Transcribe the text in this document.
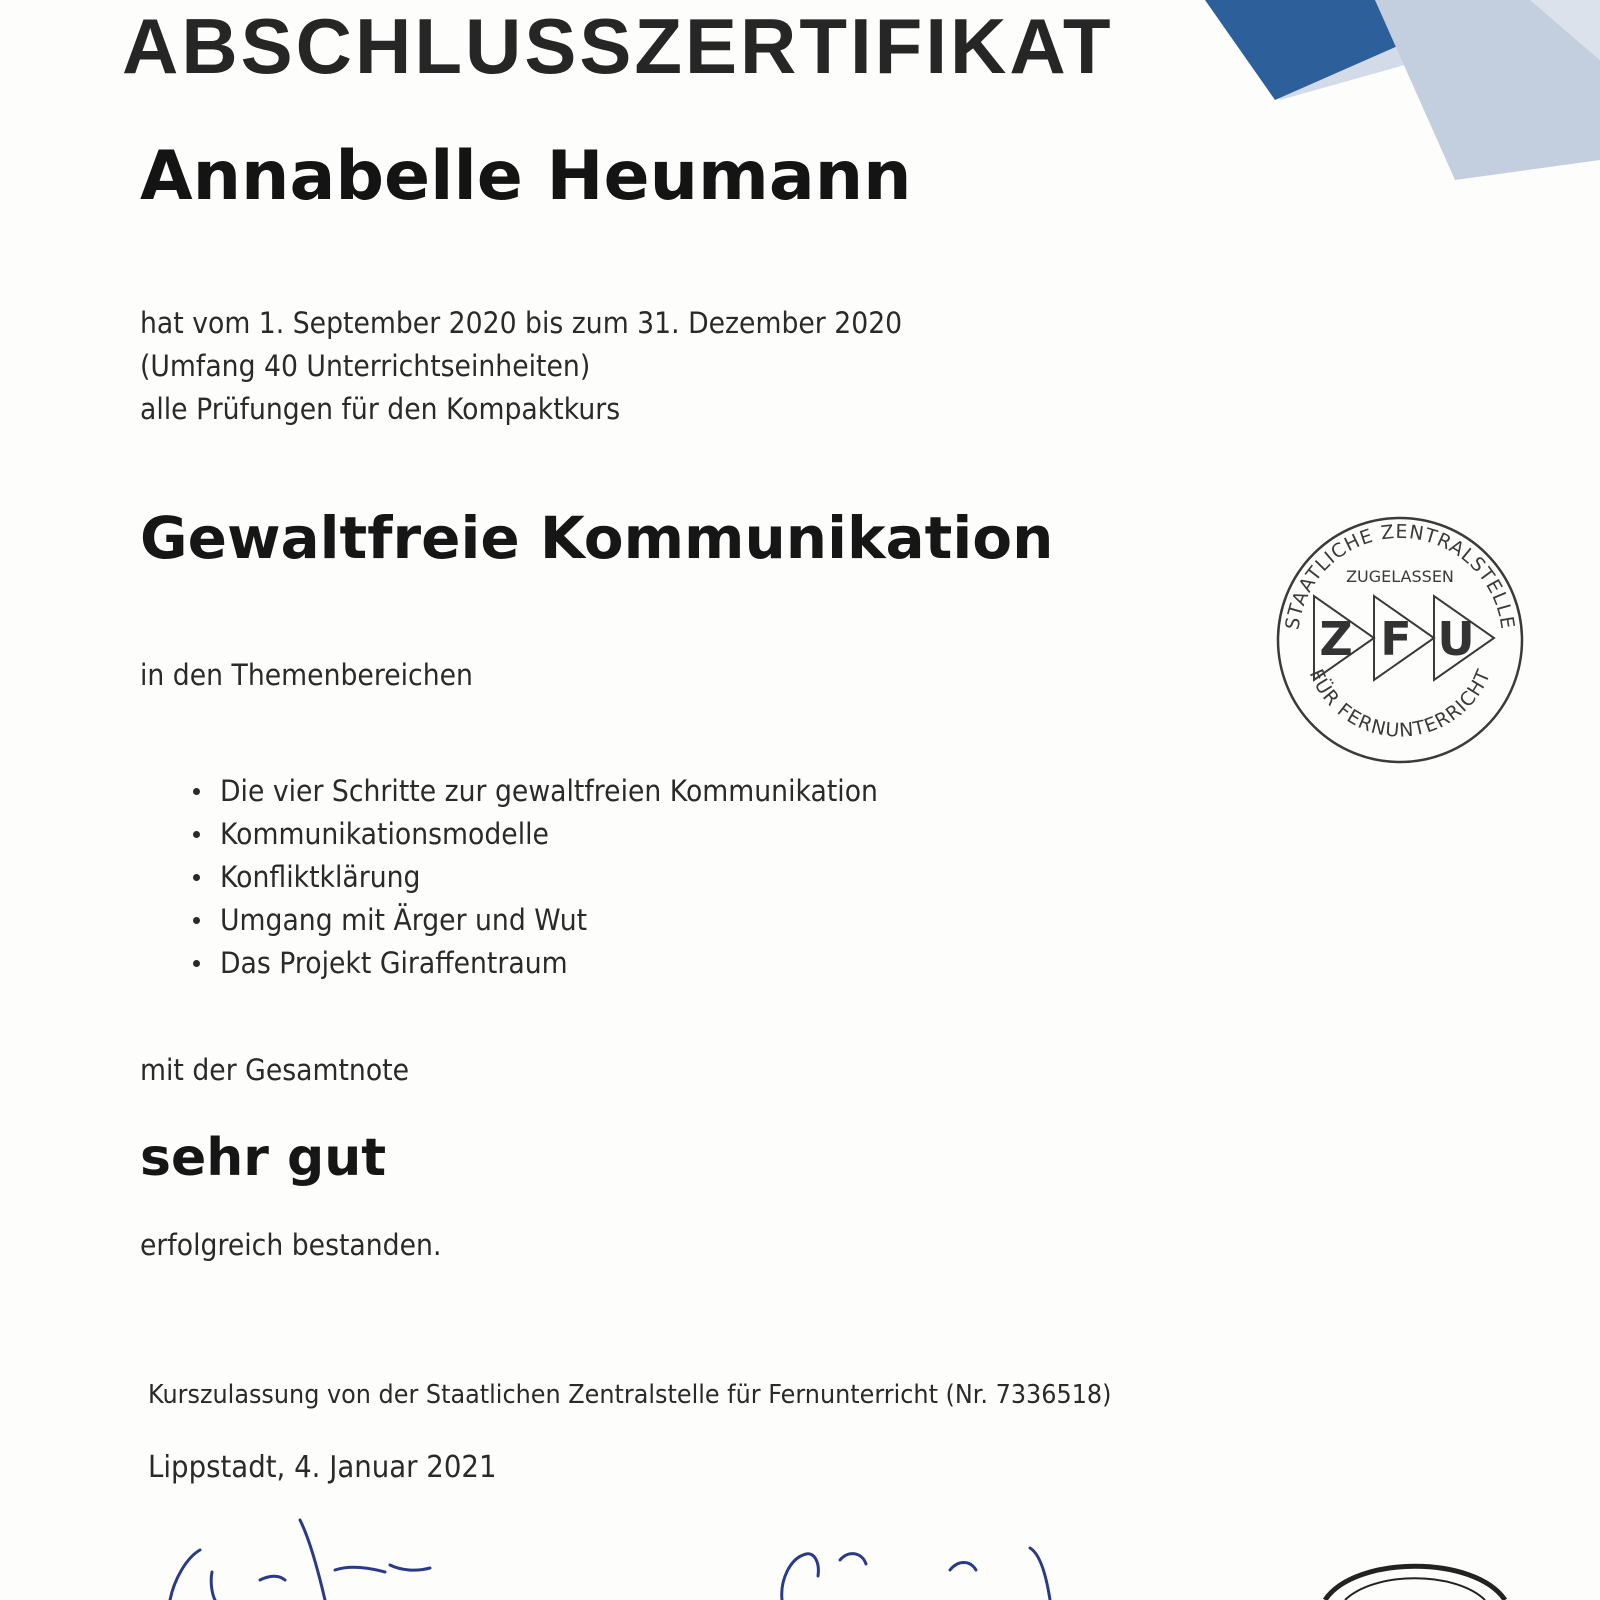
ABSCHLUSSZERTIFIKAT
Annabelle Heumann
hat vom 1. September 2020 bis zum 31. Dezember 2020
(Umfang 40 Unterrichtseinheiten)
alle Prüfungen für den Kompaktkurs
Gewaltfreie Kommunikation
in den Themenbereichen
Die vier Schritte zur gewaltfreien Kommunikation
Kommunikationsmodelle
Konfliktklärung
Umgang mit Ärger und Wut
Das Projekt Giraffentraum
mit der Gesamtnote
sehr gut
erfolgreich bestanden.
Kurszulassung von der Staatlichen Zentralstelle für Fernunterricht (Nr. 7336518)
Lippstadt, 4. Januar 2021
STAATLICHE ZENTRALSTELLE
FÜR FERNUNTERRICHT
ZUGELASSEN
Z F U
